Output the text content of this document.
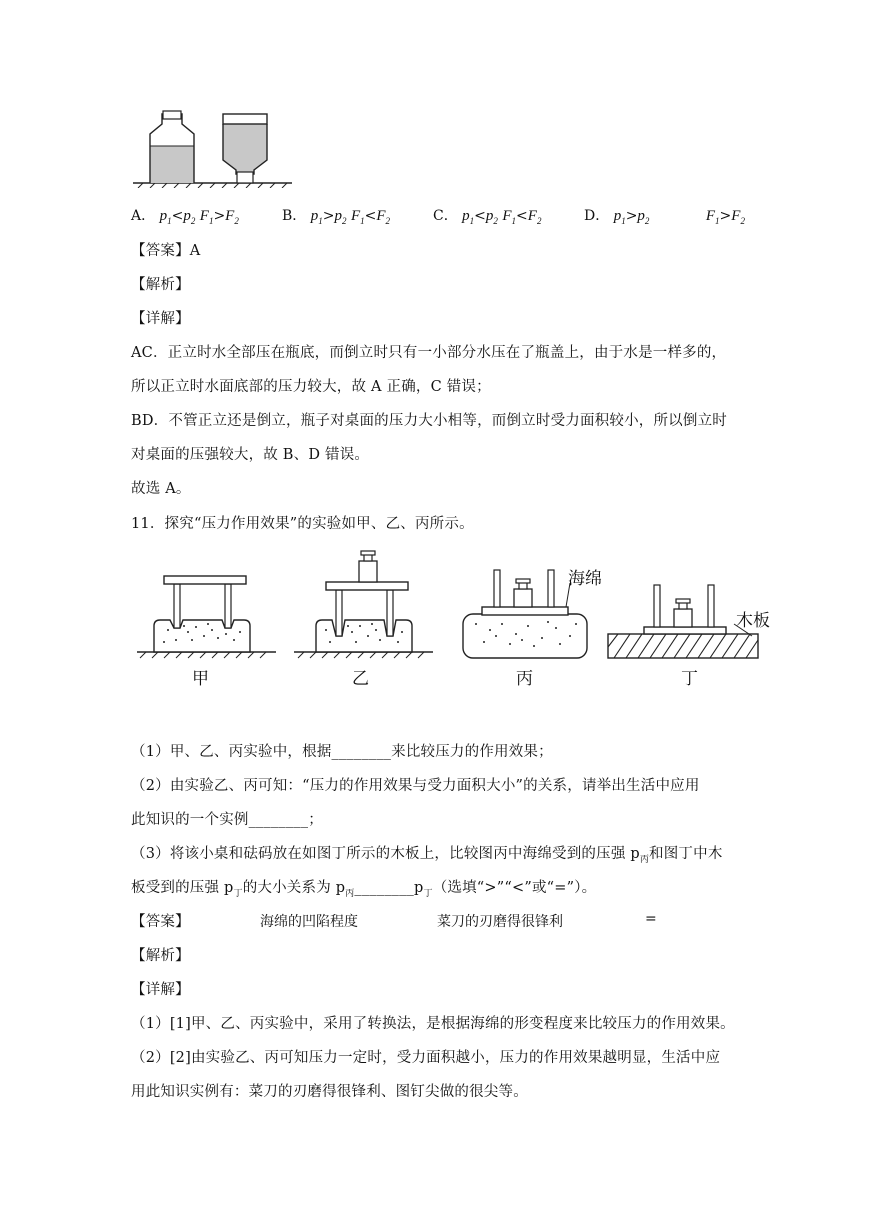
A． $p_1<p_2$ $F_1>F_2$	B． $p_1>p_2$ $F_1<F_2$	C． $p_1<p_2$ $F_1<F_2$	D． $p_1>p_2$	$F_1>F_2$
【答案】A
【解析】
【详解】
AC．正立时水全部压在瓶底，而倒立时只有一小部分水压在了瓶盖上，由于水是一样多的，
所以正立时水面底部的压力较大，故 A 正确，C 错误；
BD．不管正立还是倒立，瓶子对桌面的压力大小相等，而倒立时受力面积较小，所以倒立时
对桌面的压强较大，故 B、D 错误。
故选 A。
11．探究“压力作用效果”的实验如甲、乙、丙所示。
甲	乙	丙	丁
海绵
木板
（1）甲、乙、丙实验中，根据________来比较压力的作用效果；
（2）由实验乙、丙可知：“压力的作用效果与受力面积大小”的关系，请举出生活中应用
此知识的一个实例________；
（3）将该小桌和砝码放在如图丁所示的木板上，比较图丙中海绵受到的压强 $p_丙$和图丁中木
板受到的压强 $p_丁$的大小关系为 $p_丙\_\_\_\_\_\_\_\_p_丁$（选填“>”“<”或“=”）。
【答案】	海绵的凹陷程度	菜刀的刃磨得很锋利	=
【解析】
【详解】
（1）[1]甲、乙、丙实验中，采用了转换法，是根据海绵的形变程度来比较压力的作用效果。
（2）[2]由实验乙、丙可知压力一定时，受力面积越小，压力的作用效果越明显，生活中应
用此知识实例有：菜刀的刃磨得很锋利、图钉尖做的很尖等。
